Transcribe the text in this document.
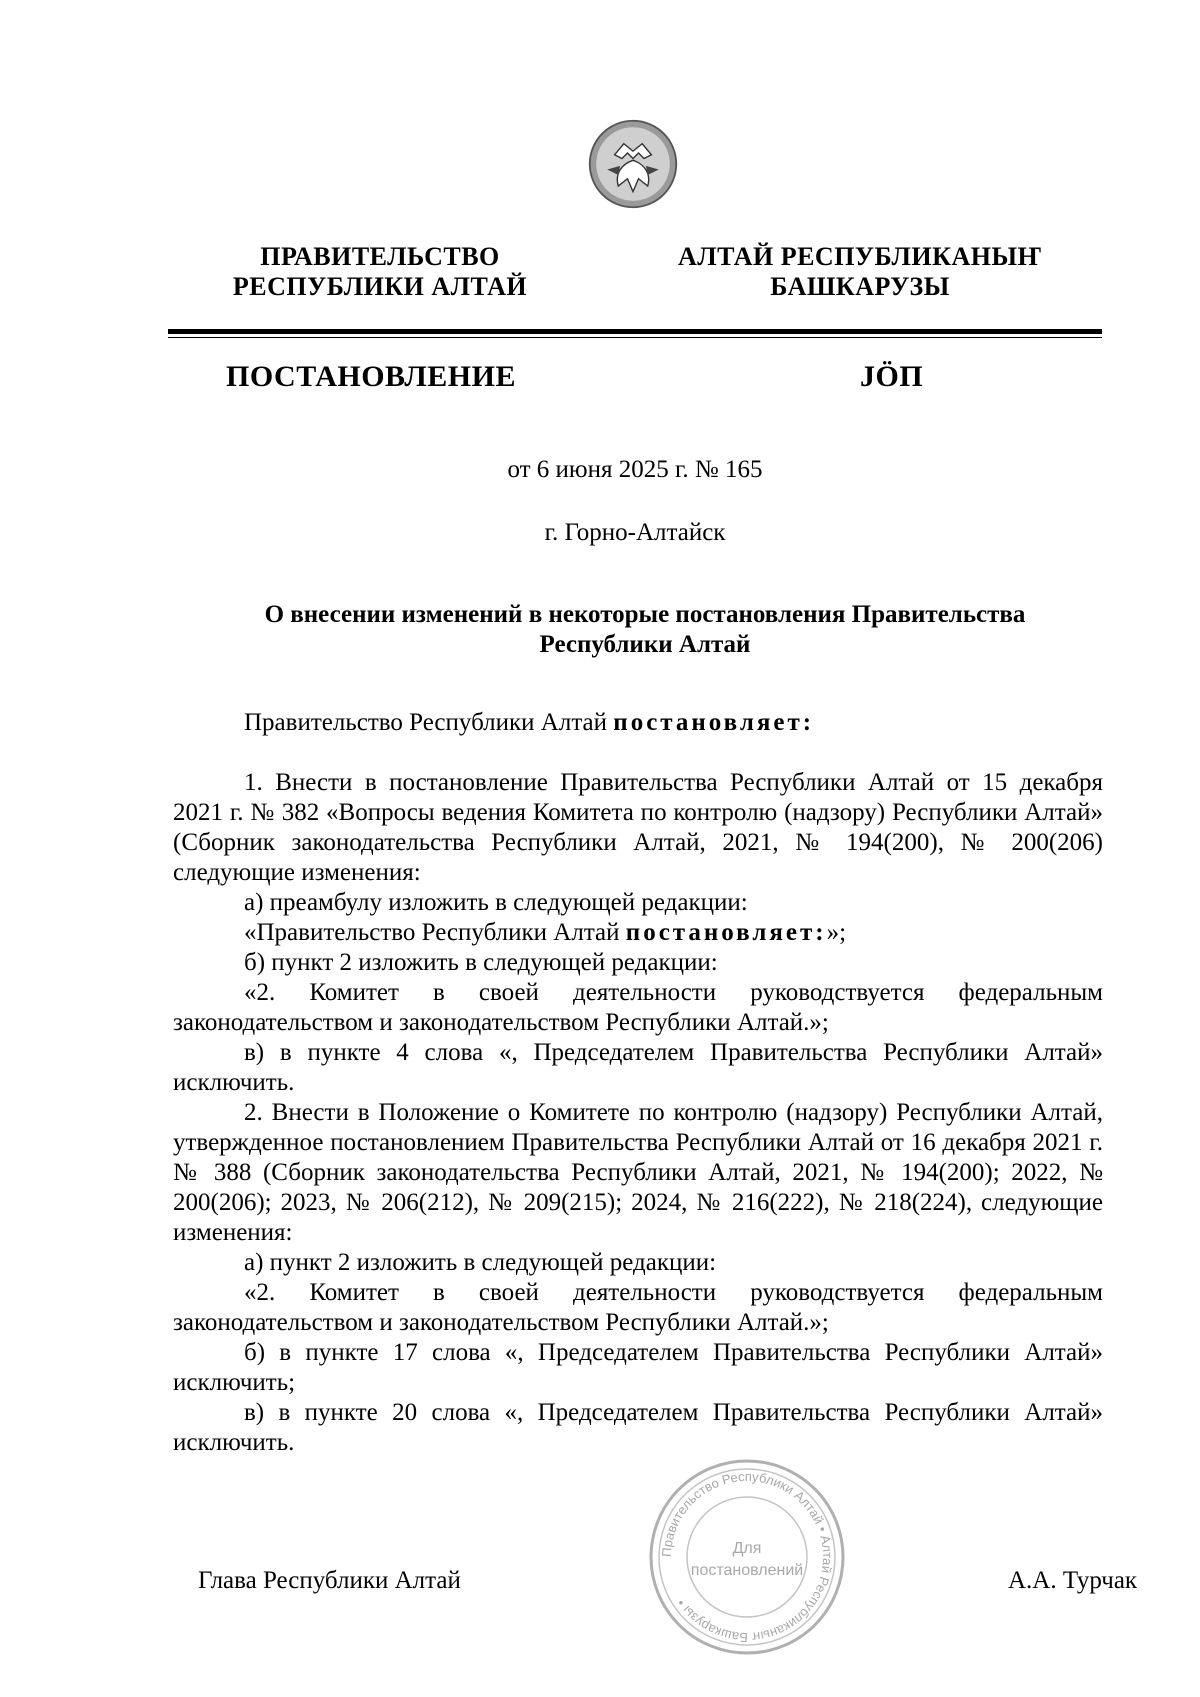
ПРАВИТЕЛЬСТВО
РЕСПУБЛИКИ АЛТАЙ
АЛТАЙ РЕСПУБЛИКАНЫҤ
БАШКАРУЗЫ
ПОСТАНОВЛЕНИЕ	JӦП
от 6 июня 2025 г. № 165
г. Горно-Алтайск
О внесении изменений в некоторые постановления Правительства Республики Алтай

Правительство Республики Алтай постановляет:

1. Внести в постановление Правительства Республики Алтай от 15 декабря 2021 г. № 382 «Вопросы ведения Комитета по контролю (надзору) Республики Алтай» (Сборник законодательства Республики Алтай, 2021, № 194(200), № 200(206) следующие изменения:

а) преамбулу изложить в следующей редакции:

«Правительство Республики Алтай постановляет:»;

б) пункт 2 изложить в следующей редакции:

«2. Комитет в своей деятельности руководствуется федеральным законодательством и законодательством Республики Алтай.»;

в) в пункте 4 слова «, Председателем Правительства Республики Алтай» исключить.

2. Внести в Положение о Комитете по контролю (надзору) Республики Алтай, утвержденное постановлением Правительства Республики Алтай от 16 декабря 2021 г. № 388 (Сборник законодательства Республики Алтай, 2021, № 194(200); 2022, № 200(206); 2023, № 206(212), № 209(215); 2024, № 216(222), № 218(224), следующие изменения:

а) пункт 2 изложить в следующей редакции:

«2. Комитет в своей деятельности руководствуется федеральным законодательством и законодательством Республики Алтай.»;

б) в пункте 17 слова «, Председателем Правительства Республики Алтай» исключить;

в) в пункте 20 слова «, Председателем Правительства Республики Алтай» исключить.

Правительство Республики Алтай • Алтай Республиканыҥ Башкарузы •
Для
постановлений
Глава Республики Алтай	А.А. Турчак
